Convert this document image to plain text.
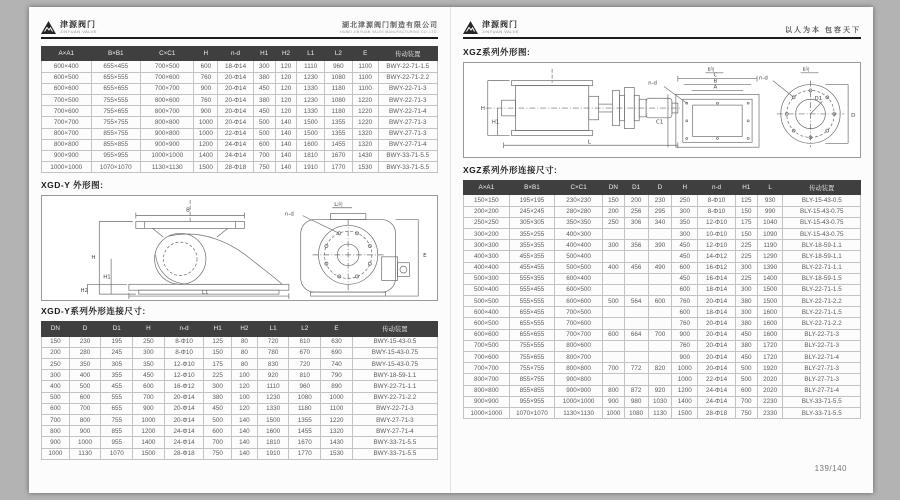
津源阀门
JINYUAN VALVE
湖北津源阀门制造有限公司
HUBEI JINYUAN VALVE MANUFACTURING CO.,LTD.
A×A1	B×B1	C×C1	H	n-d	H1	H2	L1	L2	E	传动装置
600×400	655×455	700×500	600	18-Φ14	300	120	1110	960	1100	BWY-22-71-1.5
600×500	655×555	700×600	760	20-Φ14	380	120	1230	1080	1100	BWY-22-71-2.2
600×600	655×655	700×700	900	20-Φ14	450	120	1330	1180	1100	BWY-22-71-3
700×500	755×555	800×600	760	20-Φ14	380	120	1230	1080	1220	BWY-22-71-3
700×600	755×655	800×700	900	20-Φ14	450	120	1330	1180	1220	BWY-22-71-4
700×700	755×755	800×800	1000	20-Φ14	500	140	1500	1355	1220	BWY-27-71-3
800×700	855×755	900×800	1000	22-Φ14	500	140	1500	1355	1320	BWY-27-71-3
800×800	855×855	900×900	1200	24-Φ14	600	140	1600	1455	1320	BWY-27-71-4
900×900	955×955	1000×1000	1400	24-Φ14	700	140	1810	1670	1430	BWY-33-71-5.5
1000×1000	1070×1070	1130×1130	1500	28-Φ18	750	140	1910	1770	1530	BWY-33-71-5.5
XGD-Y 外形图:
B
H
H1
H2	L1
L向
n-d
E
XGD-Y系列外形连接尺寸:
DN	D	D1	H	n-d	H1	H2	L1	L2	E	传动装置
150	230	195	250	8-Φ10	125	80	720	610	630	BWY-15-43-0.5
200	280	245	300	8-Φ10	150	80	780	670	690	BWY-15-43-0.75
250	350	305	350	12-Φ10	175	80	830	720	740	BWY-15-43-0.75
300	400	355	450	12-Φ10	225	100	920	810	790	BWY-18-59-1.1
400	500	455	600	16-Φ12	300	120	1110	960	890	BWY-22-71-1.1
500	600	555	700	20-Φ14	380	100	1230	1080	1000	BWY-22-71-2.2
600	700	655	900	20-Φ14	450	120	1330	1180	1100	BWY-22-71-3
700	800	755	1000	20-Φ14	500	140	1500	1355	1220	BWY-27-71-3
800	900	855	1200	24-Φ14	600	140	1600	1455	1320	BWY-27-71-4
900	1000	955	1400	24-Φ14	700	140	1810	1670	1430	BWY-33-71-5.5
1000	1130	1070	1500	28-Φ18	750	140	1910	1770	1530	BWY-33-71-5.5
津源阀门
JINYUAN VALVE	以人为本 包容天下
XGZ系列外形图:
H
H1
L
I向
C
B
A
n-d
C1
I向
n-d
D1
D
XGZ系列外形连接尺寸:
A×A1	B×B1	C×C1	DN	D1	D	H	n-d	H1	L	传动装置
150×150	195×195	230×230	150	200	230	250	8-Φ10	125	930	BLY-15-43-0.5
200×200	245×245	280×280	200	256	295	300	8-Φ10	150	990	BLY-15-43-0.75
250×250	305×305	350×350	250	306	340	350	12-Φ10	175	1040	BLY-15-43-0.75
300×200	355×255	400×300				300	10-Φ10	150	1090	BLY-15-43-0.75
300×300	355×355	400×400	300	356	390	450	12-Φ10	225	1190	BLY-18-59-1.1
400×300	455×355	500×400				450	14-Φ12	225	1290	BLY-18-59-1.1
400×400	455×455	500×500	400	456	490	600	16-Φ12	300	1390	BLY-22-71-1.1
500×300	555×355	600×400				450	16-Φ14	225	1400	BLY-18-59-1.5
500×400	555×455	600×500				600	18-Φ14	300	1500	BLY-22-71-1.5
500×500	555×555	600×600	500	564	600	760	20-Φ14	380	1500	BLY-22-71-2.2
600×400	655×455	700×500				600	18-Φ14	300	1600	BLY-22-71-1.5
600×500	655×555	700×600				760	20-Φ14	380	1600	BLY-22-71-2.2
600×600	655×655	700×700	600	664	700	900	20-Φ14	450	1600	BLY-22-71-3
700×500	755×555	800×600				760	20-Φ14	380	1720	BLY-22-71-3
700×600	755×655	800×700				900	20-Φ14	450	1720	BLY-22-71-4
700×700	755×755	800×800	700	772	820	1000	20-Φ14	500	1920	BLY-27-71-3
800×700	855×755	900×800				1000	22-Φ14	500	2020	BLY-27-71-3
800×800	855×855	900×900	800	872	920	1200	24-Φ14	600	2020	BLY-27-71-4
900×900	955×955	1000×1000	900	980	1030	1400	24-Φ14	700	2230	BLY-33-71-5.5
1000×1000	1070×1070	1130×1130	1000	1080	1130	1500	28-Φ18	750	2330	BLY-33-71-5.5
139/140
